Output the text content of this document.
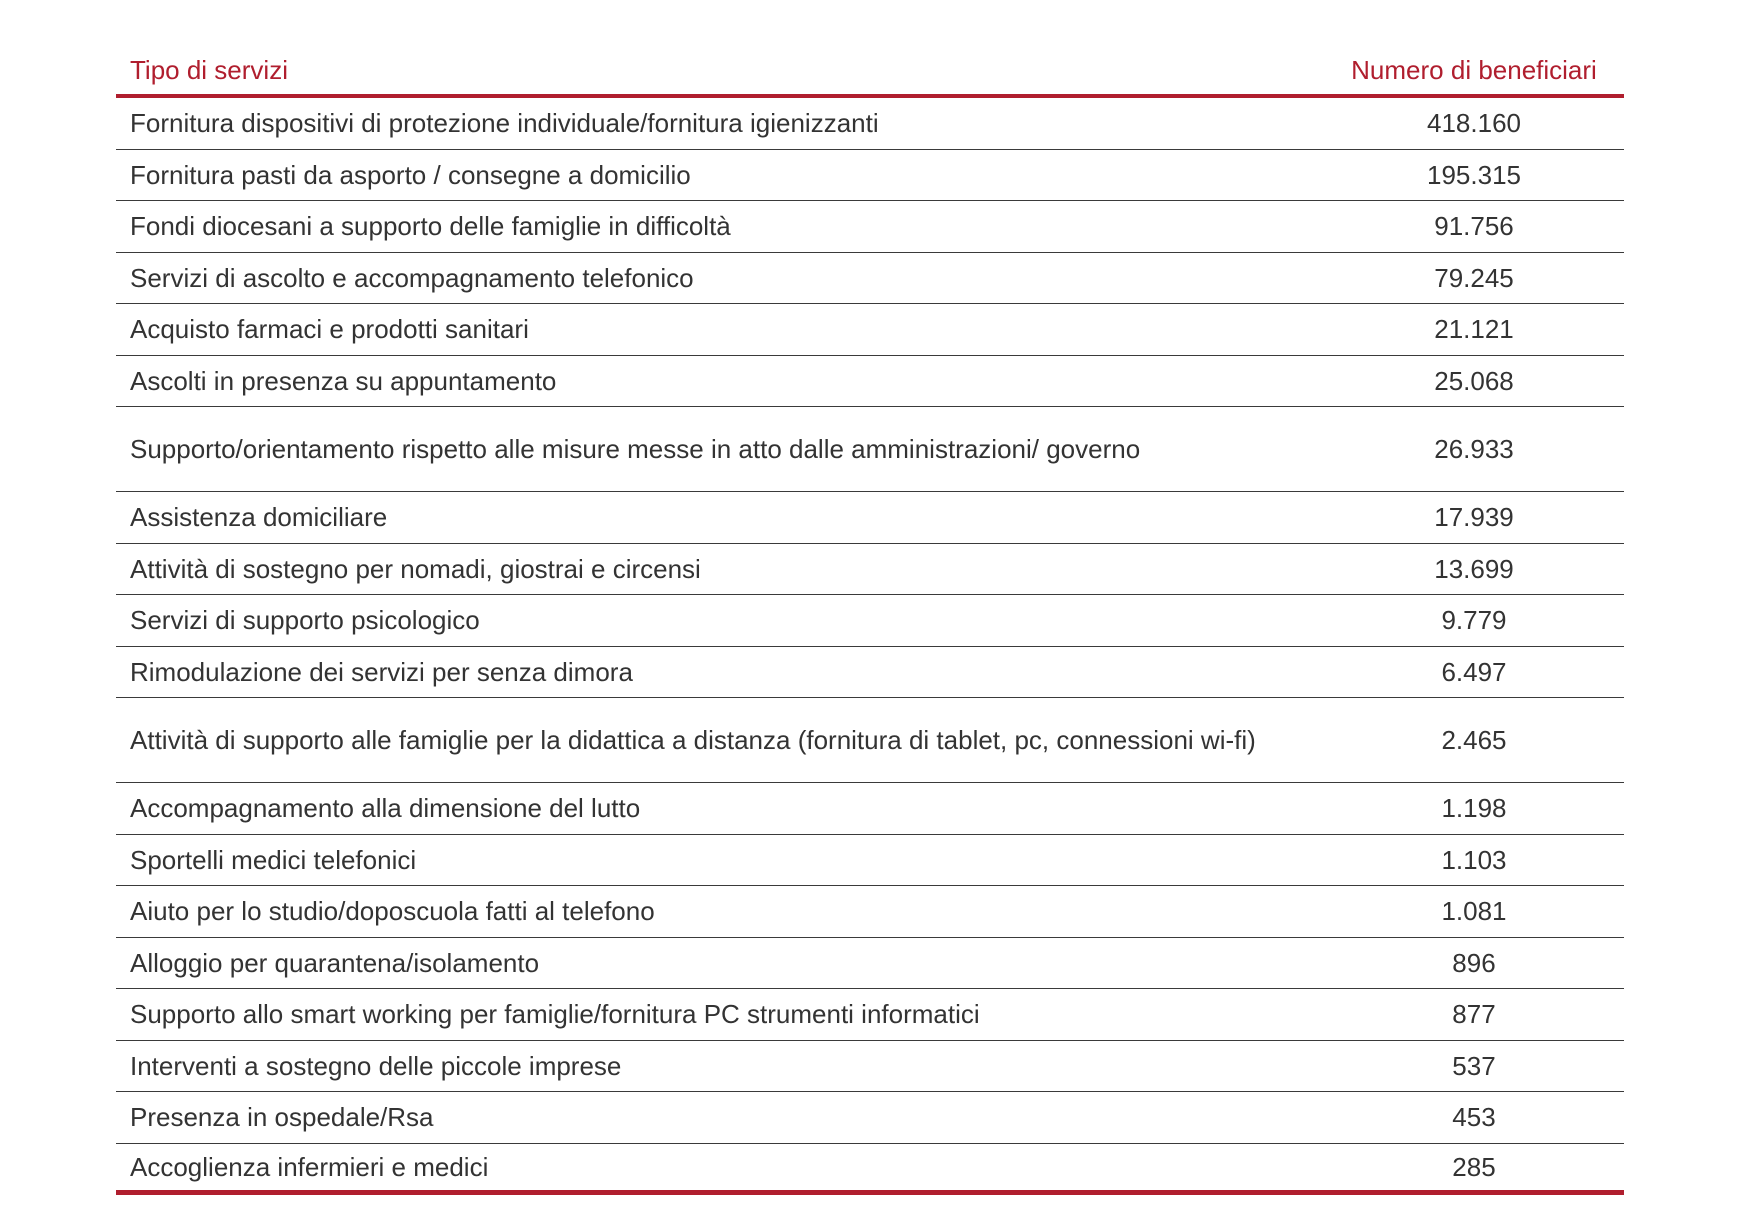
Tipo di servizi	Numero di beneficiari
Fornitura dispositivi di protezione individuale/fornitura igienizzanti	418.160
Fornitura pasti da asporto / consegne a domicilio	195.315
Fondi diocesani a supporto delle famiglie in difficoltà	91.756
Servizi di ascolto e accompagnamento telefonico	79.245
Acquisto farmaci e prodotti sanitari	21.121
Ascolti in presenza su appuntamento	25.068
Supporto/orientamento rispetto alle misure messe in atto dalle amministrazioni/ governo	26.933
Assistenza domiciliare	17.939
Attività di sostegno per nomadi, giostrai e circensi	13.699
Servizi di supporto psicologico	9.779
Rimodulazione dei servizi per senza dimora	6.497
Attività di supporto alle famiglie per la didattica a distanza (fornitura di tablet, pc, connessioni wi-fi)	2.465
Accompagnamento alla dimensione del lutto	1.198
Sportelli medici telefonici	1.103
Aiuto per lo studio/doposcuola fatti al telefono	1.081
Alloggio per quarantena/isolamento	896
Supporto allo smart working per famiglie/fornitura PC strumenti informatici	877
Interventi a sostegno delle piccole imprese	537
Presenza in ospedale/Rsa	453
Accoglienza infermieri e medici	285
